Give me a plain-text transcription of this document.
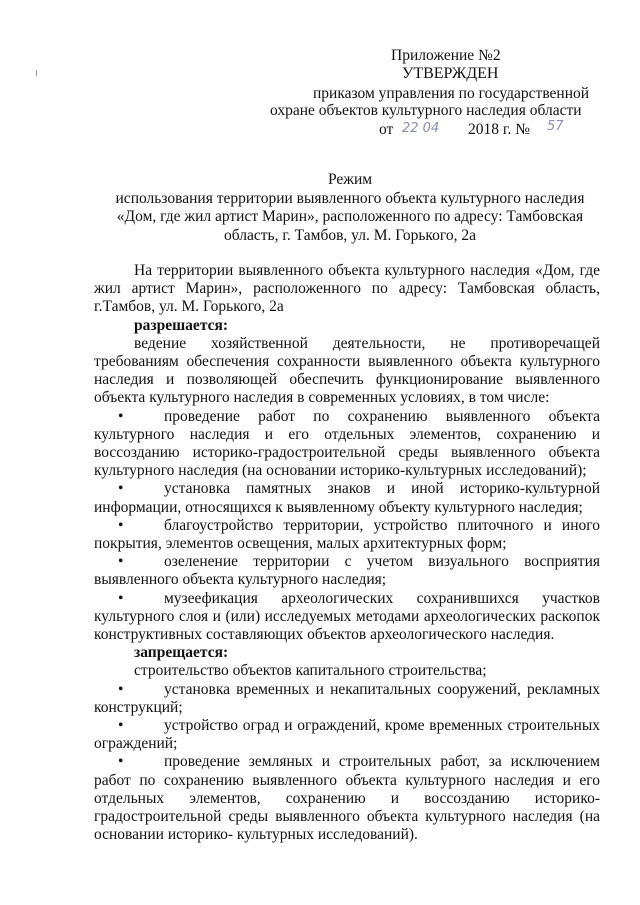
Приложение №2
УТВЕРЖДЕН
приказом управления по государственной
охране объектов культурного наследия области
от 22 04 2018 г. № 57
Режим
использования территории выявленного объекта культурного наследия
«Дом, где жил артист Марин», расположенного по адресу: Тамбовская
область, г. Тамбов, ул. М. Горького, 2а

На территории выявленного объекта культурного наследия «Дом, где жил артист Марин», расположенного по адресу: Тамбовская область, г.Тамбов, ул. М. Горького, 2а

разрешается:

ведение хозяйственной деятельности, не противоречащей требованиям обеспечения сохранности выявленного объекта культурного наследия и позволяющей обеспечить функционирование выявленного объекта культурного наследия в современных условиях, в том числе:

•	проведение работ по сохранению выявленного объекта культурного наследия и его отдельных элементов, сохранению и воссозданию историко-градостроительной среды выявленного объекта культурного наследия (на основании историко-культурных исследований);

•	установка памятных знаков и иной историко-культурной информации, относящихся к выявленному объекту культурного наследия;

•	благоустройство территории, устройство плиточного и иного покрытия, элементов освещения, малых архитектурных форм;

•	озеленение территории с учетом визуального восприятия выявленного объекта культурного наследия;

•	музеефикация археологических сохранившихся участков культурного слоя и (или) исследуемых методами археологических раскопок конструктивных составляющих объектов археологического наследия.

запрещается:

строительство объектов капитального строительства;

•	установка временных и некапитальных сооружений, рекламных конструкций;

•	устройство оград и ограждений, кроме временных строительных ограждений;

•	проведение земляных и строительных работ, за исключением работ по сохранению выявленного объекта культурного наследия и его отдельных элементов, сохранению и воссозданию историко-градостроительной среды выявленного объекта культурного наследия (на основании историко- культурных исследований).
